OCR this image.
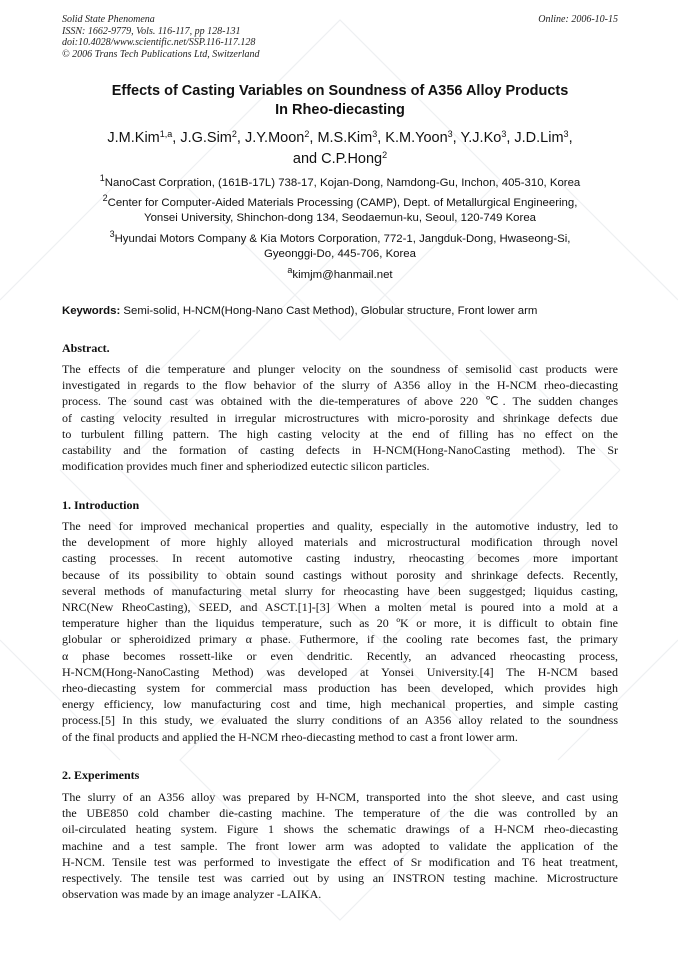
Solid State Phenomena
ISSN: 1662-9779, Vols. 116-117, pp 128-131
doi:10.4028/www.scientific.net/SSP.116-117.128
© 2006 Trans Tech Publications Ltd, Switzerland
Online: 2006-10-15
Effects of Casting Variables on Soundness of A356 Alloy Products
In Rheo-diecasting
J.M.Kim$^{1,a}$, J.G.Sim$^2$, J.Y.Moon$^2$, M.S.Kim$^3$, K.M.Yoon$^3$, Y.J.Ko$^3$, J.D.Lim$^3$,
and C.P.Hong$^2$
$^1$NanoCast Corpration, (161B-17L) 738-17, Kojan-Dong, Namdong-Gu, Inchon, 405-310, Korea
$^2$Center for Computer-Aided Materials Processing (CAMP), Dept. of Metallurgical Engineering,
Yonsei University, Shinchon-dong 134, Seodaemun-ku, Seoul, 120-749 Korea
$^3$Hyundai Motors Company & Kia Motors Corporation, 772-1, Jangduk-Dong, Hwaseong-Si,
Gyeonggi-Do, 445-706, Korea
$^a$kimjm@hanmail.net
Keywords: Semi-solid, H-NCM(Hong-Nano Cast Method), Globular structure, Front lower arm
Abstract.
The effects of die temperature and plunger velocity on the soundness of semisolid cast products were
investigated in regards to the flow behavior of the slurry of A356 alloy in the H-NCM rheo-diecasting
process. The sound cast was obtained with the die-temperatures of above 220 ℃. The sudden changes
of casting velocity resulted in irregular microstructures with micro-porosity and shrinkage defects due
to turbulent filling pattern. The high casting velocity at the end of filling has no effect on the
castability and the formation of casting defects in H-NCM(Hong-NanoCasting method). The Sr
modification provides much finer and spheriodized eutectic silicon particles.
1. Introduction
The need for improved mechanical properties and quality, especially in the automotive industry, led to
the development of more highly alloyed materials and microstructural modification through novel
casting processes. In recent automotive casting industry, rheocasting becomes more important
because of its possibility to obtain sound castings without porosity and shrinkage defects. Recently,
several methods of manufacturing metal slurry for rheocasting have been suggestged; liquidus casting,
NRC(New RheoCasting), SEED, and ASCT.[1]-[3] When a molten metal is poured into a mold at a
temperature higher than the liquidus temperature, such as 20 ºK or more, it is difficult to obtain fine
globular or spheroidized primary α phase. Futhermore, if the cooling rate becomes fast, the primary
α phase becomes rossett-like or even dendritic. Recently, an advanced rheocasting process,
H-NCM(Hong-NanoCasting Method) was developed at Yonsei University.[4] The H-NCM based
rheo-diecasting system for commercial mass production has been developed, which provides high
energy efficiency, low manufacturing cost and time, high mechanical properties, and simple casting
process.[5] In this study, we evaluated the slurry conditions of an A356 alloy related to the soundness
of the final products and applied the H-NCM rheo-diecasting method to cast a front lower arm.
2. Experiments
The slurry of an A356 alloy was prepared by H-NCM, transported into the shot sleeve, and cast using
the UBE850 cold chamber die-casting machine. The temperature of the die was controlled by an
oil-circulated heating system. Figure 1 shows the schematic drawings of a H-NCM rheo-diecasting
machine and a test sample. The front lower arm was adopted to validate the application of the
H-NCM. Tensile test was performed to investigate the effect of Sr modification and T6 heat treatment,
respectively. The tensile test was carried out by using an INSTRON testing machine. Microstructure
observation was made by an image analyzer -LAIKA.
